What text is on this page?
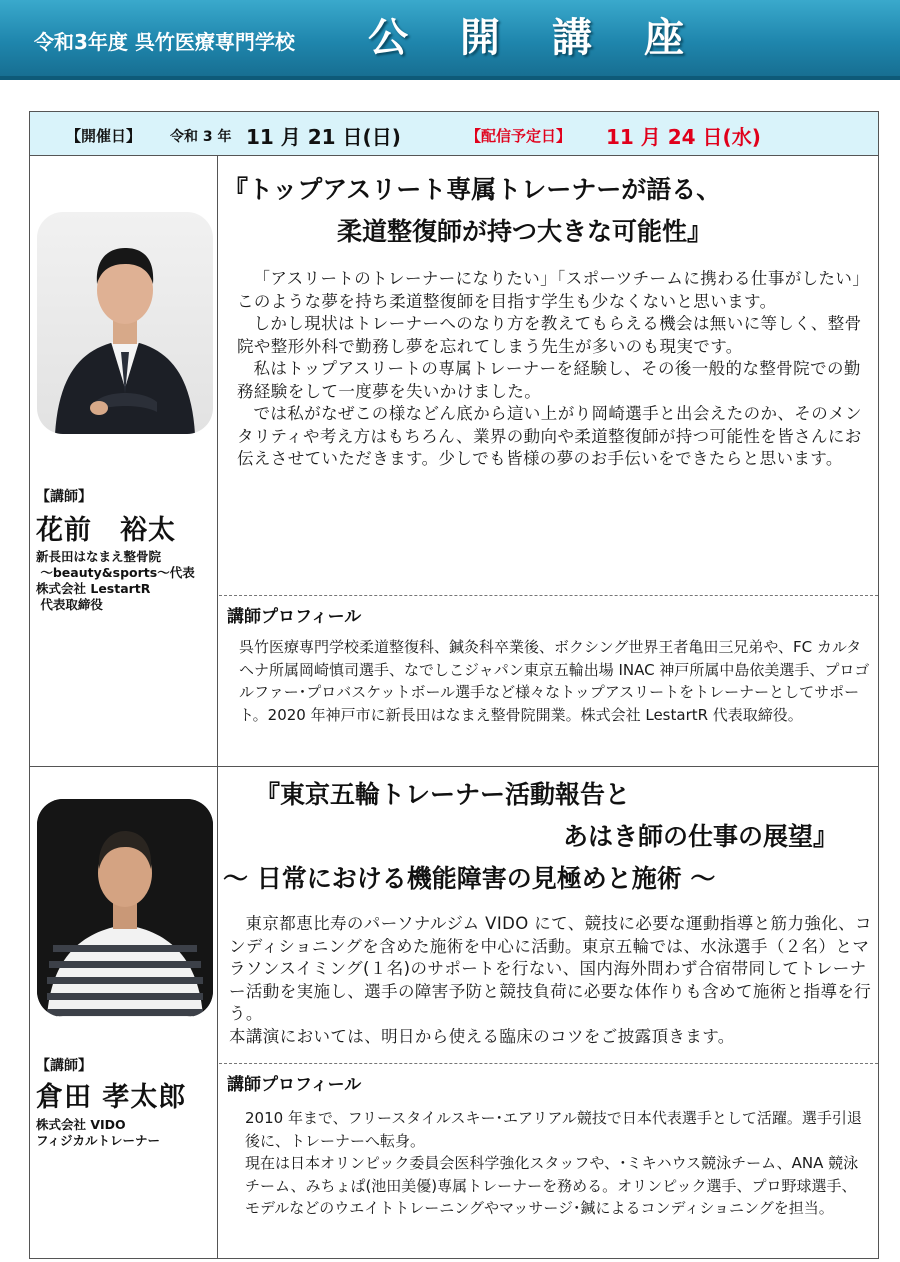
令和3年度 呉竹医療専門学校 公開講座
【開催日】 令和 3 年 11 月 21 日(日)	【配信予定日】 11 月 24 日(水)
【講師】
花前　裕太
新長田はなまえ整骨院
～beauty&sports～代表
株式会社 LestartR
代表取締役
『トップアスリート専属トレーナーが語る、
柔道整復師が持つ大きな可能性』

「アスリートのトレーナーになりたい」「スポーツチームに携わる仕事がしたい」このような夢を持ち柔道整復師を目指す学生も少なくないと思います。

しかし現状はトレーナーへのなり方を教えてもらえる機会は無いに等しく、整骨院や整形外科で勤務し夢を忘れてしまう先生が多いのも現実です。

私はトップアスリートの専属トレーナーを経験し、その後一般的な整骨院での勤務経験をして一度夢を失いかけました。

では私がなぜこの様などん底から這い上がり岡崎選手と出会えたのか、そのメンタリティや考え方はもちろん、業界の動向や柔道整復師が持つ可能性を皆さんにお伝えさせていただきます。少しでも皆様の夢のお手伝いをできたらと思います。

講師プロフィール
呉竹医療専門学校柔道整復科、鍼灸科卒業後、ボクシング世界王者亀田三兄弟や、FC カルタヘナ所属岡崎慎司選手、なでしこジャパン東京五輪出場 INAC 神戸所属中島依美選手、プロゴルファー･プロバスケットボール選手など様々なトップアスリートをトレーナーとしてサポート。2020 年神戸市に新長田はなまえ整骨院開業。株式会社 LestartR 代表取締役。
【講師】
倉田 孝太郎
株式会社 VIDO
フィジカルトレーナー
『東京五輪トレーナー活動報告と
あはき師の仕事の展望』
～ 日常における機能障害の見極めと施術 ～

東京都恵比寿のパーソナルジム VIDO にて、競技に必要な運動指導と筋力強化、コンディショニングを含めた施術を中心に活動。東京五輪では、水泳選手（２名）とマラソンスイミング(１名)のサポートを行ない、国内海外問わず合宿帯同してトレーナー活動を実施し、選手の障害予防と競技負荷に必要な体作りも含めて施術と指導を行う。

本講演においては、明日から使える臨床のコツをご披露頂きます。

講師プロフィール

2010 年まで、フリースタイルスキー･エアリアル競技で日本代表選手として活躍。選手引退後に、トレーナーへ転身。

現在は日本オリンピック委員会医科学強化スタッフや、･ミキハウス競泳チーム、ANA 競泳チーム、みちょぱ(池田美優)専属トレーナーを務める。オリンピック選手、プロ野球選手、モデルなどのウエイトトレーニングやマッサージ･鍼によるコンディショニングを担当。
